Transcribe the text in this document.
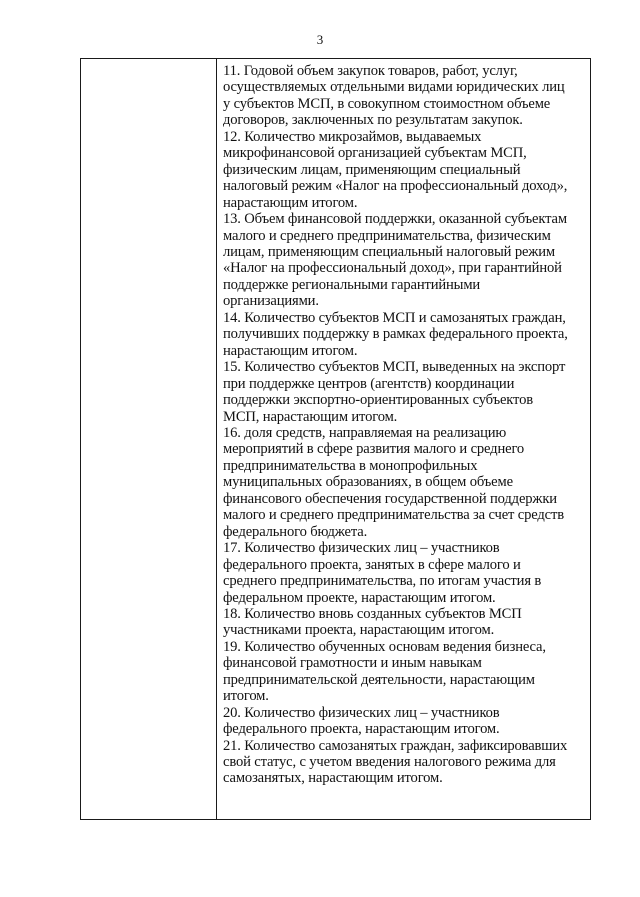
3
11. Годовой объем закупок товаров, работ, услуг,
осуществляемых отдельными видами юридических лиц
у субъектов МСП, в совокупном стоимостном объеме
договоров, заключенных по результатам закупок.
12. Количество микрозаймов, выдаваемых
микрофинансовой организацией субъектам МСП,
физическим лицам, применяющим специальный
налоговый режим «Налог на профессиональный доход»,
нарастающим итогом.
13. Объем финансовой поддержки, оказанной субъектам
малого и среднего предпринимательства, физическим
лицам, применяющим специальный налоговый режим
«Налог на профессиональный доход», при гарантийной
поддержке региональными гарантийными
организациями.
14. Количество субъектов МСП и самозанятых граждан,
получивших поддержку в рамках федерального проекта,
нарастающим итогом.
15. Количество субъектов МСП, выведенных на экспорт
при поддержке центров (агентств) координации
поддержки экспортно-ориентированных субъектов
МСП, нарастающим итогом.
16. доля средств, направляемая на реализацию
мероприятий в сфере развития малого и среднего
предпринимательства в монопрофильных
муниципальных образованиях, в общем объеме
финансового обеспечения государственной поддержки
малого и среднего предпринимательства за счет средств
федерального бюджета.
17. Количество физических лиц – участников
федерального проекта, занятых в сфере малого и
среднего предпринимательства, по итогам участия в
федеральном проекте, нарастающим итогом.
18. Количество вновь созданных субъектов МСП
участниками проекта, нарастающим итогом.
19. Количество обученных основам ведения бизнеса,
финансовой грамотности и иным навыкам
предпринимательской деятельности, нарастающим
итогом.
20. Количество физических лиц – участников
федерального проекта, нарастающим итогом.
21. Количество самозанятых граждан, зафиксировавших
свой статус, с учетом введения налогового режима для
самозанятых, нарастающим итогом.
